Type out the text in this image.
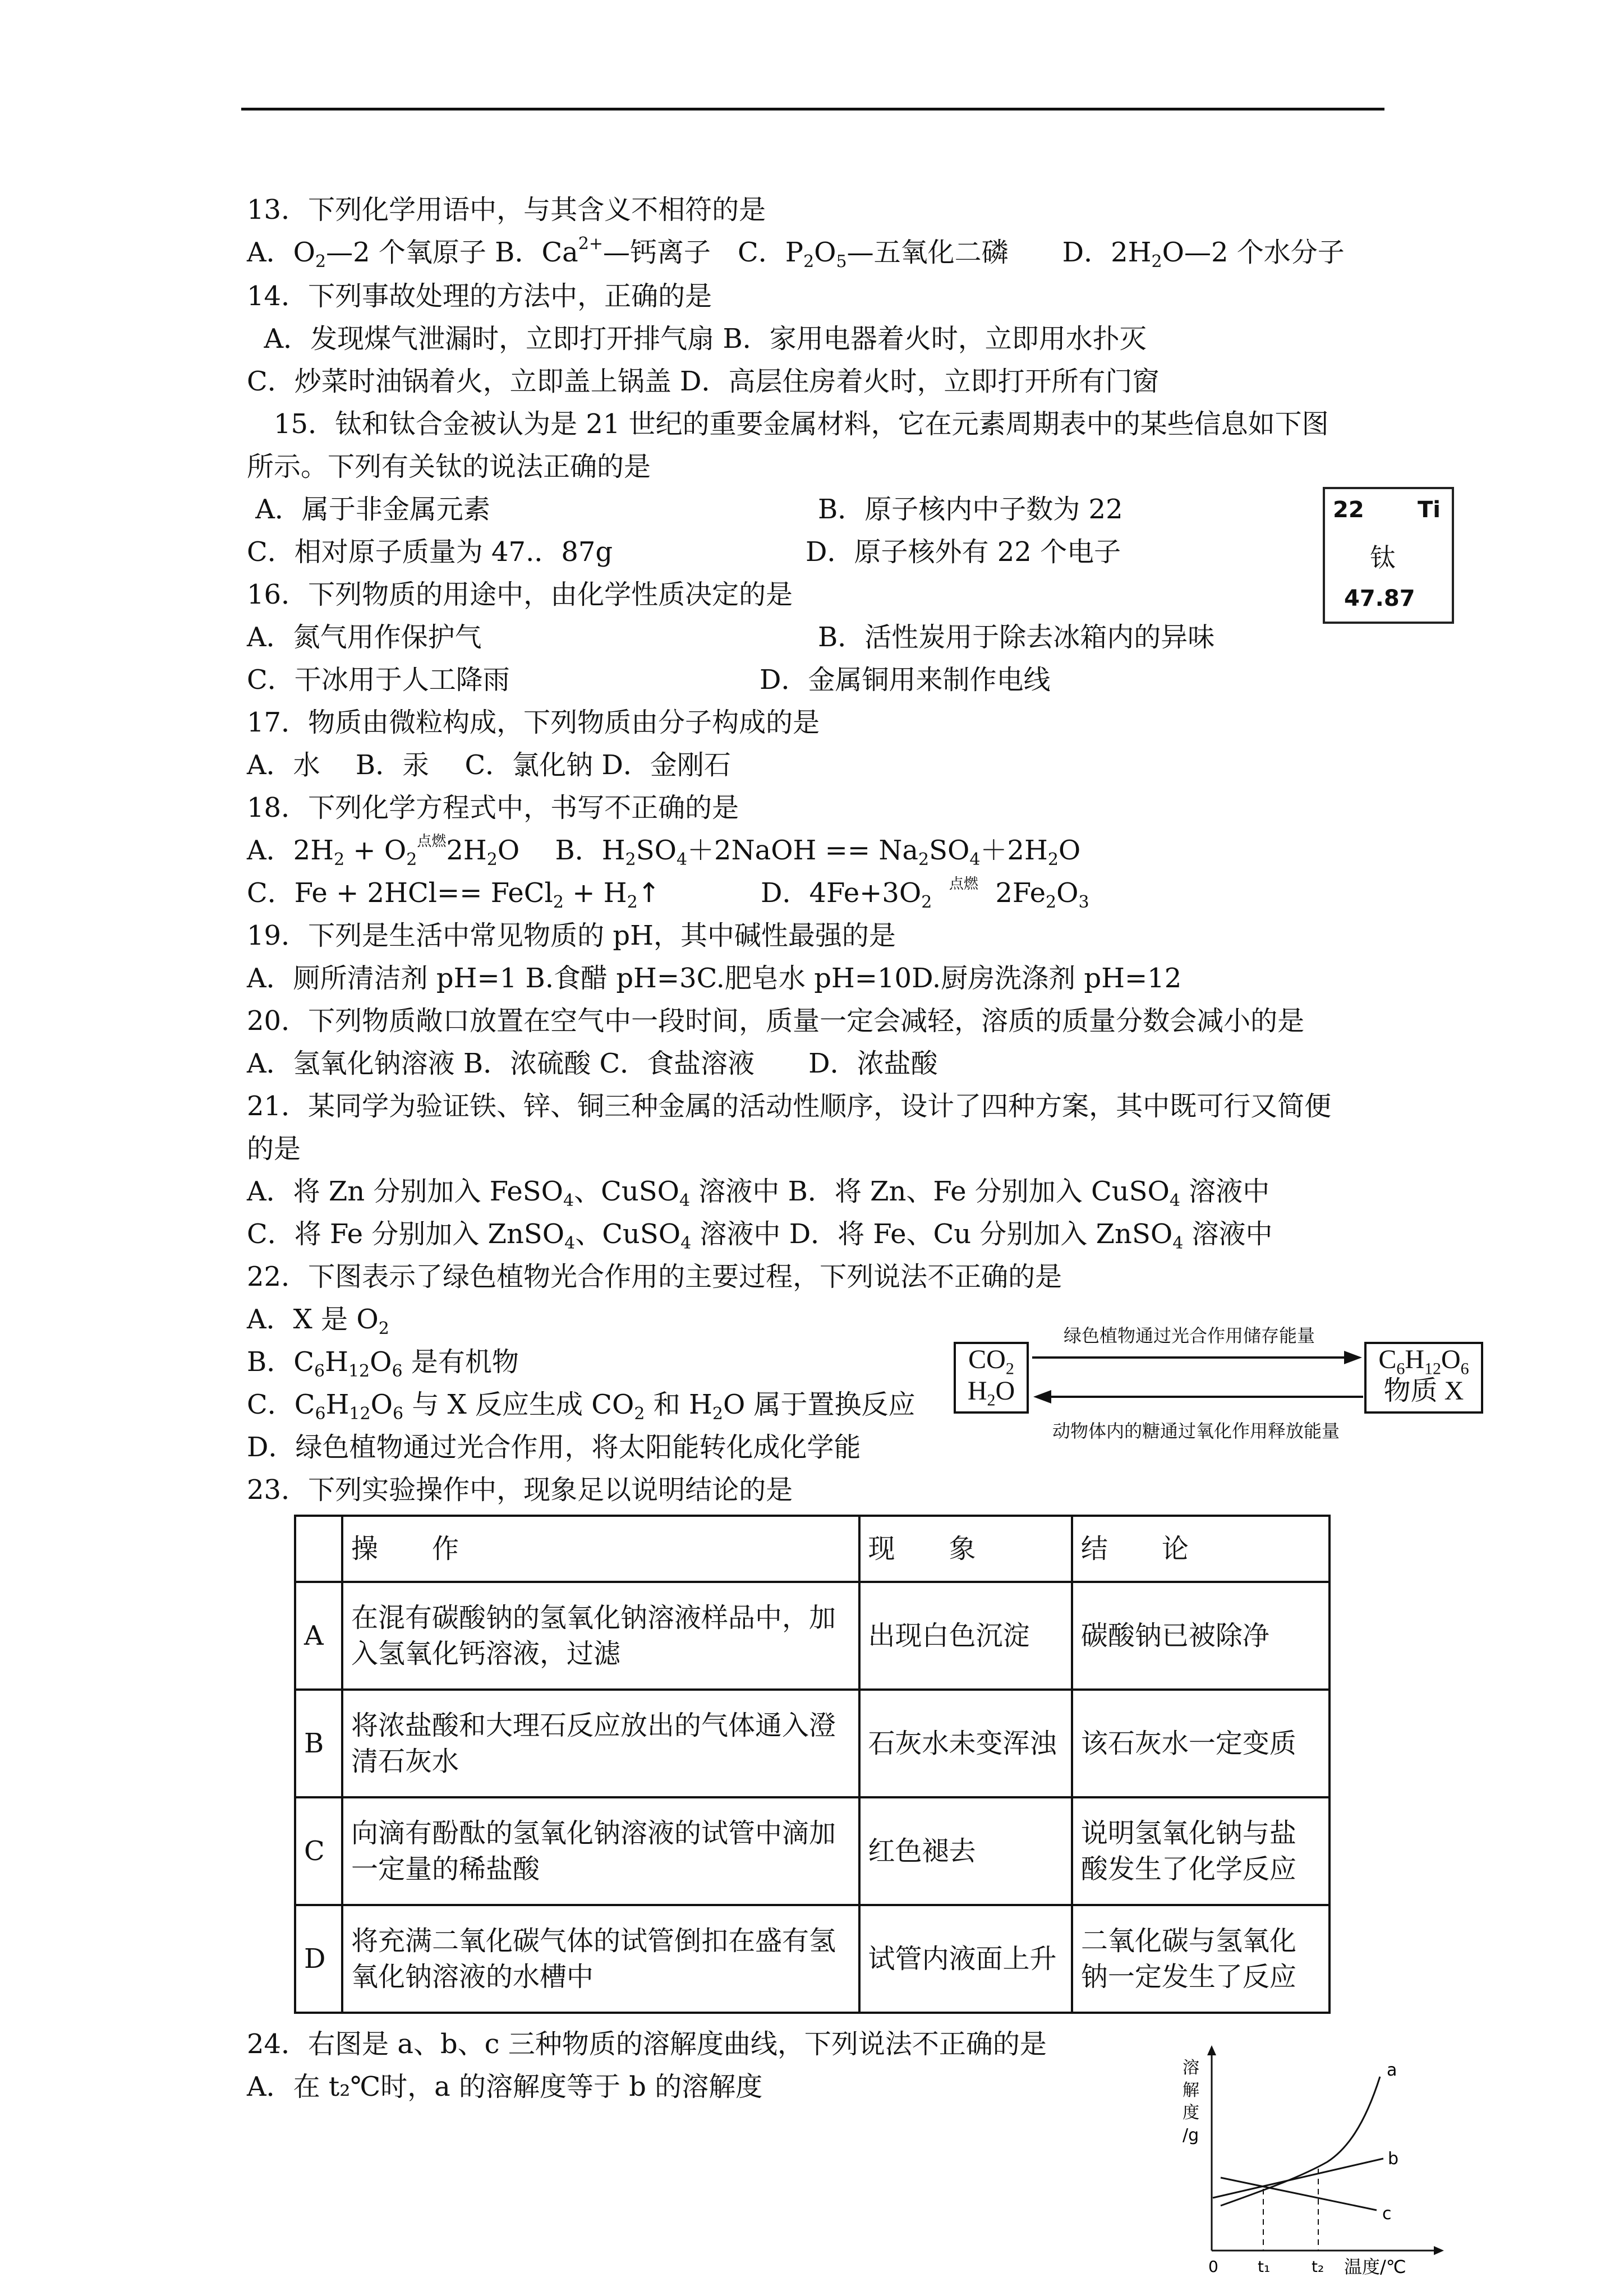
13．下列化学用语中，与其含义不相符的是
A．$O_2—2$ 个氧原子 B．$Ca^{2+}—$钙离子　C．$P_2O_5—$五氧化二磷　　D．$2H_2O—2$ 个水分子
14．下列事故处理的方法中，正确的是
A．发现煤气泄漏时，立即打开排气扇 B．家用电器着火时，立即用水扑灭
C．炒菜时油锅着火，立即盖上锅盖 D．高层住房着火时，立即打开所有门窗
　15．钛和钛合金被认为是 21 世纪的重要金属材料，它在元素周期表中的某些信息如下图
所示。下列有关钛的说法正确的是
A．属于非金属元素	B．原子核内中子数为 22
C．相对原子质量为 47.．87g	D．原子核外有 22 个电子
22 Ti
钛
47.87
16．下列物质的用途中，由化学性质决定的是
A．氮气用作保护气	B．活性炭用于除去冰箱内的异味
C．干冰用于人工降雨	D．金属铜用来制作电线
17．物质由微粒构成，下列物质由分子构成的是
A．水　 B．汞　 C．氯化钠 D．金刚石
18．下列化学方程式中，书写不正确的是
A．$2H_2 + O_2^{点燃}2H_2O$　 B．$H_2SO_4+2NaOH == Na_2SO_4+2H_2O$
C．Fe + 2HCl== FeCl$_2$ + $H_2↑$	D．$4Fe+3O_2$  $^{点燃}$  $2Fe_2O_3$
19．下列是生活中常见物质的 pH，其中碱性最强的是
A．厕所清洁剂 pH=1 B.食醋 pH=3C.肥皂水 pH=10D.厨房洗涤剂 pH=12
20．下列物质敞口放置在空气中一段时间，质量一定会减轻，溶质的质量分数会减小的是
A．氢氧化钠溶液 B．浓硫酸 C．食盐溶液　　D．浓盐酸
21．某同学为验证铁、锌、铜三种金属的活动性顺序，设计了四种方案，其中既可行又简便
的是
A．将 Zn 分别加入 FeSO$_4$、CuSO$_4$ 溶液中 B．将 Zn、Fe 分别加入 CuSO$_4$ 溶液中
C．将 Fe 分别加入 ZnSO$_4$、CuSO$_4$ 溶液中 D．将 Fe、Cu 分别加入 ZnSO$_4$ 溶液中
22．下图表示了绿色植物光合作用的主要过程，下列说法不正确的是
A．X 是 $O_2$
B．$C_6H_{12}O_6$ 是有机物
C．$C_6H_{12}O_6$ 与 X 反应生成 $CO_2$ 和 $H_2O$ 属于置换反应
D．绿色植物通过光合作用，将太阳能转化成化学能
$CO_2$
$H_2O$
$C_6H_{12}O_6$
物质 X
绿色植物通过光合作用储存能量
动物体内的糖通过氧化作用释放能量
23．下列实验操作中，现象足以说明结论的是
	操　　作	现　　象	结　　论
A	在混有碳酸钠的氢氧化钠溶液样品中，加入氢氧化钙溶液，过滤	出现白色沉淀	碳酸钠已被除净
B	将浓盐酸和大理石反应放出的气体通入澄清石灰水	石灰水未变浑浊	该石灰水一定变质
C	向滴有酚酞的氢氧化钠溶液的试管中滴加一定量的稀盐酸	红色褪去	说明氢氧化钠与盐酸发生了化学反应
D	将充满二氧化碳气体的试管倒扣在盛有氢氧化钠溶液的水槽中	试管内液面上升	二氧化碳与氢氧化钠一定发生了反应
24．右图是 a、b、c 三种物质的溶解度曲线，下列说法不正确的是
A．在 t₂℃时，a 的溶解度等于 b 的溶解度
a
b
c
溶
解
度
/g
0	t₁	t₂ 温度/℃
